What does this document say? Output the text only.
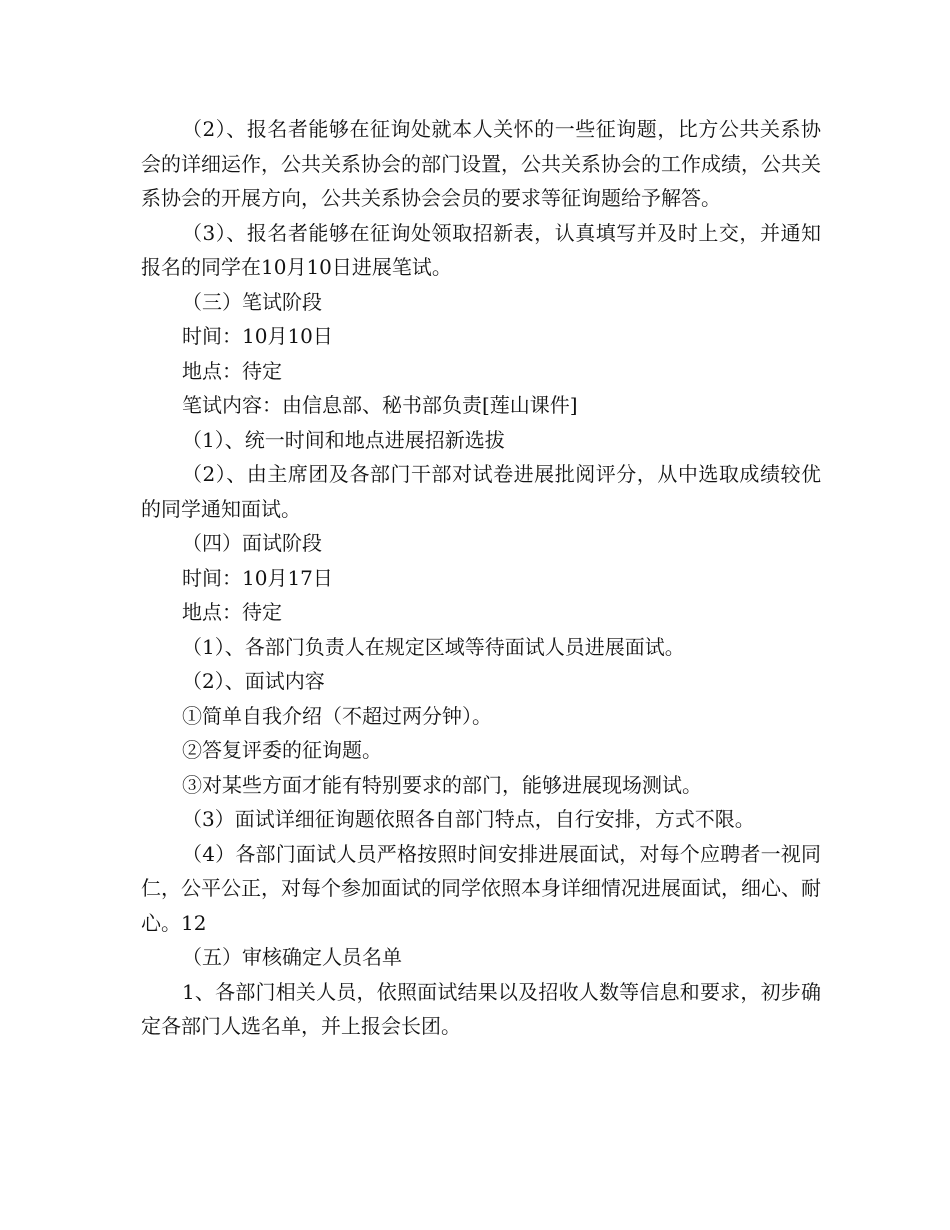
（2）、报名者能够在征询处就本人关怀的一些征询题，比方公共关系协会的详细运作，公共关系协会的部门设置，公共关系协会的工作成绩，公共关系协会的开展方向，公共关系协会会员的要求等征询题给予解答。

（3）、报名者能够在征询处领取招新表，认真填写并及时上交，并通知报名的同学在10月10日进展笔试。

（三）笔试阶段

时间：10月10日

地点：待定

笔试内容：由信息部、秘书部负责[莲山课件]

（1）、统一时间和地点进展招新选拔

（2）、由主席团及各部门干部对试卷进展批阅评分，从中选取成绩较优的同学通知面试。

（四）面试阶段

时间：10月17日

地点：待定

（1）、各部门负责人在规定区域等待面试人员进展面试。

（2）、面试内容

①简单自我介绍（不超过两分钟）。

②答复评委的征询题。

③对某些方面才能有特别要求的部门，能够进展现场测试。

（3）面试详细征询题依照各自部门特点，自行安排，方式不限。

（4）各部门面试人员严格按照时间安排进展面试，对每个应聘者一视同仁，公平公正，对每个参加面试的同学依照本身详细情况进展面试，细心、耐心。12

（五）审核确定人员名单

1、各部门相关人员，依照面试结果以及招收人数等信息和要求，初步确定各部门人选名单，并上报会长团。
